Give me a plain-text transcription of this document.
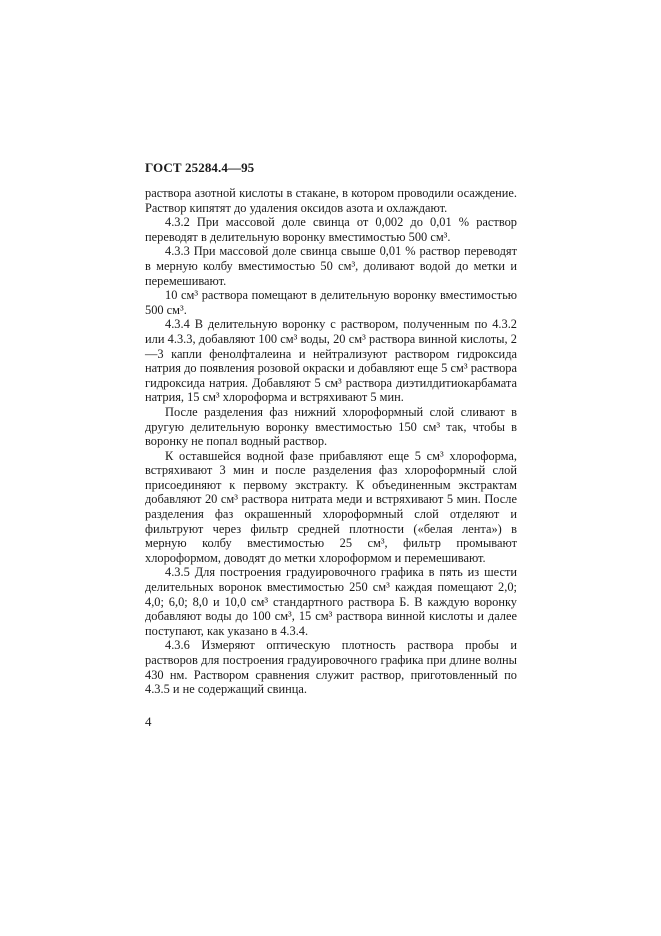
ГОСТ 25284.4—95

раствора азотной кислоты в стакане, в котором проводили осаждение. Раствор кипятят до удаления оксидов азота и охлаждают.

4.3.2 При массовой доле свинца от 0,002 до 0,01 % раствор переводят в делительную воронку вместимостью 500 см³.

4.3.3 При массовой доле свинца свыше 0,01 % раствор переводят в мерную колбу вместимостью 50 см³, доливают водой до метки и перемешивают.

10 см³ раствора помещают в делительную воронку вместимостью 500 см³.

4.3.4 В делительную воронку с раствором, полученным по 4.3.2 или 4.3.3, добавляют 100 см³ воды, 20 см³ раствора винной кислоты, 2—3 капли фенолфталеина и нейтрализуют раствором гидроксида натрия до появления розовой окраски и добавляют еще 5 см³ раствора гидроксида натрия. Добавляют 5 см³ раствора диэтилдитиокарбамата натрия, 15 см³ хлороформа и встряхивают 5 мин.

После разделения фаз нижний хлороформный слой сливают в другую делительную воронку вместимостью 150 см³ так, чтобы в воронку не попал водный раствор.

К оставшейся водной фазе прибавляют еще 5 см³ хлороформа, встряхивают 3 мин и после разделения фаз хлороформный слой присоединяют к первому экстракту. К объединенным экстрактам добавляют 20 см³ раствора нитрата меди и встряхивают 5 мин. После разделения фаз окрашенный хлороформный слой отделяют и фильтруют через фильтр средней плотности («белая лента») в мерную колбу вместимостью 25 см³, фильтр промывают хлороформом, доводят до метки хлороформом и перемешивают.

4.3.5 Для построения градуировочного графика в пять из шести делительных воронок вместимостью 250 см³ каждая помещают 2,0; 4,0; 6,0; 8,0 и 10,0 см³ стандартного раствора Б. В каждую воронку добавляют воды до 100 см³, 15 см³ раствора винной кислоты и далее поступают, как указано в 4.3.4.

4.3.6 Измеряют оптическую плотность раствора пробы и растворов для построения градуировочного графика при длине волны 430 нм. Раствором сравнения служит раствор, приготовленный по 4.3.5 и не содержащий свинца.

4
